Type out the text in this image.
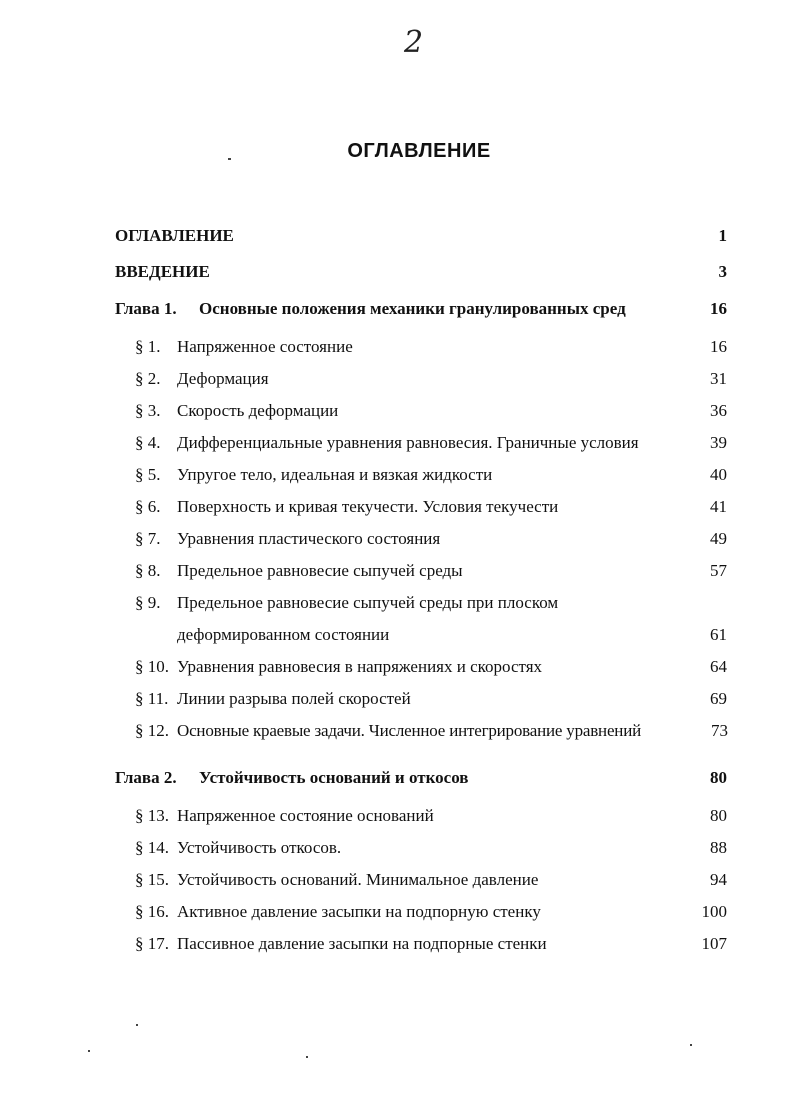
2
ОГЛАВЛЕНИЕ
ОГЛАВЛЕНИЕ	1
ВВЕДЕНИЕ	3
Глава 1. Основные положения механики гранулированных сред	16
§ 1. Напряженное состояние	16
§ 2. Деформация	31
§ 3. Скорость деформации	36
§ 4. Дифференциальные уравнения равновесия. Граничные условия	39
§ 5. Упругое тело, идеальная и вязкая жидкости	40
§ 6. Поверхность и кривая текучести. Условия текучести	41
§ 7. Уравнения пластического состояния	49
§ 8. Предельное равновесие сыпучей среды	57
§ 9. Предельное равновесие сыпучей среды при плоском
деформированном состоянии	61
§ 10. Уравнения равновесия в напряжениях и скоростях	64
§ 11. Линии разрыва полей скоростей	69
§ 12. Основные краевые задачи. Численное интегрирование уравнений	73
Глава 2. Устойчивость оснований и откосов	80
§ 13. Напряженное состояние оснований	80
§ 14. Устойчивость откосов.	88
§ 15. Устойчивость оснований. Минимальное давление	94
§ 16. Активное давление засыпки на подпорную стенку	100
§ 17. Пассивное давление засыпки на подпорные стенки	107
